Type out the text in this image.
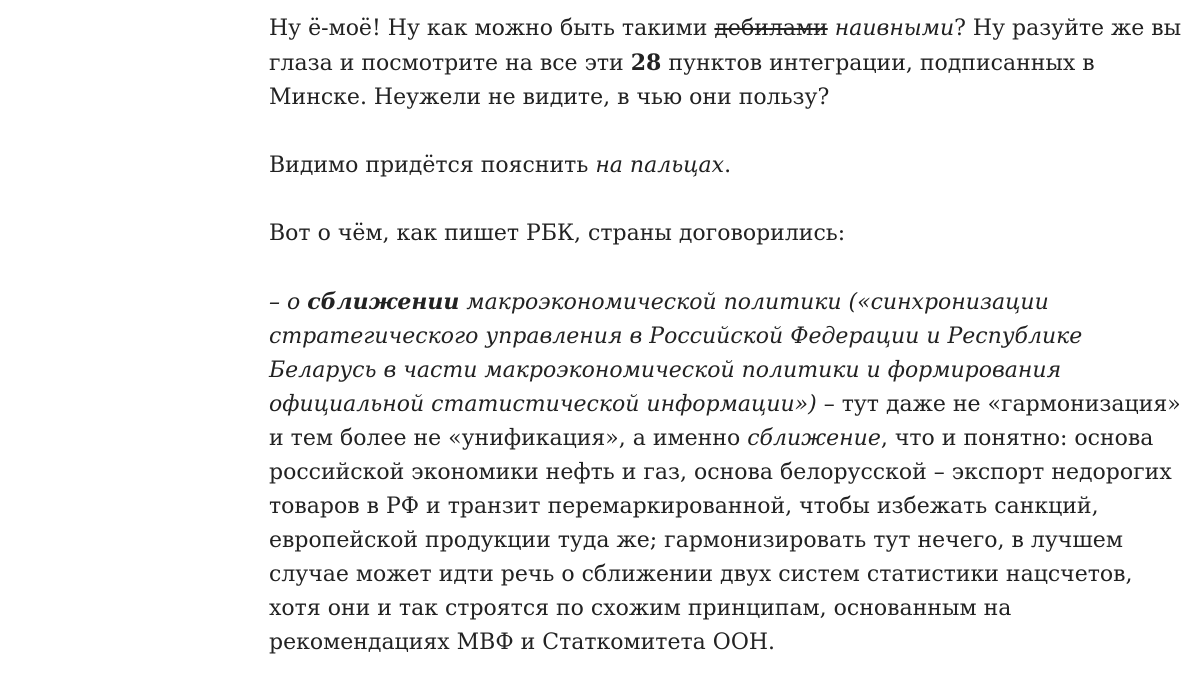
Ну ё-моё! Ну как можно быть такими дебилами наивными? Ну разуйте же вы глаза и посмотрите на все эти 28 пунктов интеграции, подписанных в Минске. Неужели не видите, в чью они пользу?

Видимо придётся пояснить на пальцах.

Вот о чём, как пишет РБК, страны договорились:

– о сближении макроэкономической политики («синхронизации стратегического управления в Российской Федерации и Республике Беларусь в части макроэкономической политики и формирования официальной статистической информации») – тут даже не «гармонизация» и тем более не «унификация», а именно сближение, что и понятно: основа российской экономики нефть и газ, основа белорусской – экспорт недорогих товаров в РФ и транзит перемаркированной, чтобы избежать санкций, европейской продукции туда же; гармонизировать тут нечего, в лучшем случае может идти речь о сближении двух систем статистики нацсчетов, хотя они и так строятся по схожим принципам, основанным на рекомендациях МВФ и Статкомитета ООН.
